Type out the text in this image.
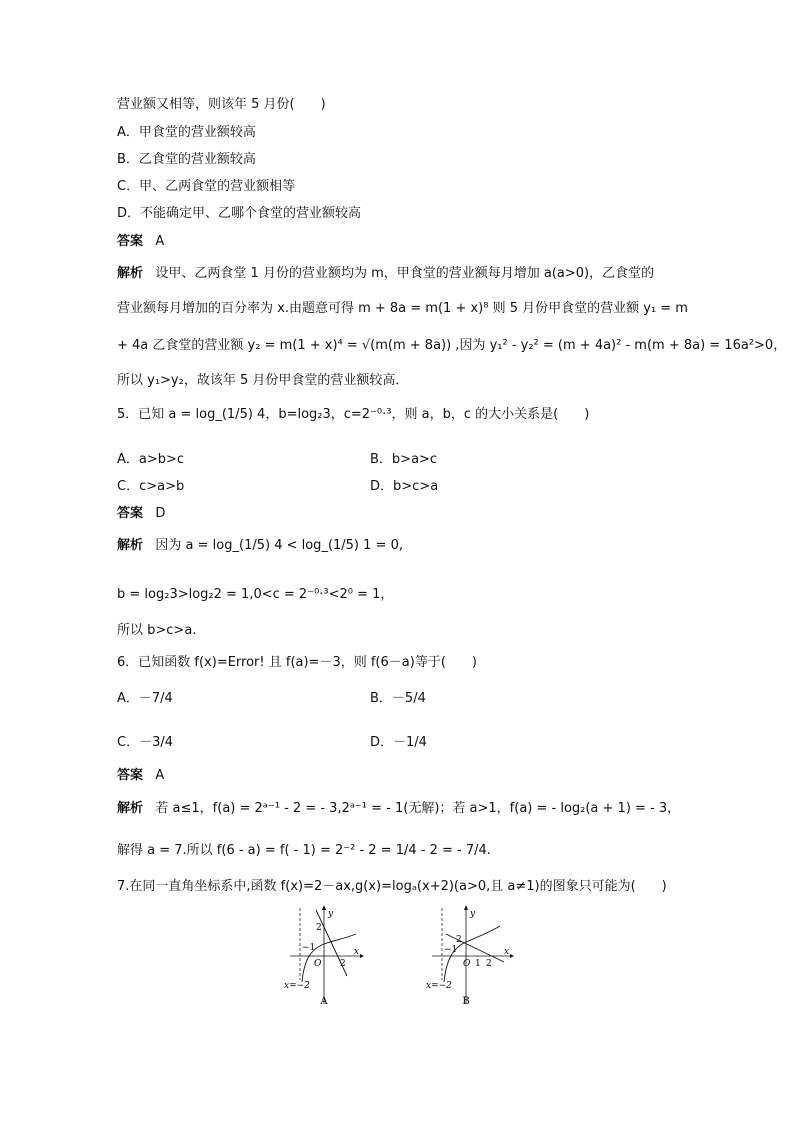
营业额又相等，则该年 5 月份(　　)
A．甲食堂的营业额较高
B．乙食堂的营业额较高
C．甲、乙两食堂的营业额相等
D．不能确定甲、乙哪个食堂的营业额较高
答案 A
解析 设甲、乙两食堂 1 月份的营业额均为 m，甲食堂的营业额每月增加 a(a>0)，乙食堂的
营业额每月增加的百分率为 x.由题意可得 m + 8a = m(1 + x)⁸ 则 5 月份甲食堂的营业额 y₁ = m
+ 4a 乙食堂的营业额 y₂ = m(1 + x)⁴ = √(m(m + 8a)) ,因为 y₁² - y₂² = (m + 4a)² - m(m + 8a) = 16a²>0，
所以 y₁>y₂，故该年 5 月份甲食堂的营业额较高．
5．已知 a = log_(1/5) 4，b=log₂3，c=2⁻⁰·³，则 a，b，c 的大小关系是(　　)
A．a>b>c	B．b>a>c
C．c>a>b	D．b>c>a
答案 D
解析 因为 a = log_(1/5) 4 < log_(1/5) 1 = 0,
b = log₂3>log₂2 = 1,0<c = 2⁻⁰·³<2⁰ = 1，
所以 b>c>a.
6．已知函数 f(x)=Error! 且 f(a)=－3，则 f(6－a)等于(　　)
A．－7/4	B．－5/4
C．－3/4	D．－1/4
答案 A
解析 若 a≤1，f(a) = 2ᵃ⁻¹ - 2 = - 3,2ᵃ⁻¹ = - 1(无解)；若 a>1，f(a) = - log₂(a + 1) = - 3，
解得 a = 7.所以 f(6 - a) = f( - 1) = 2⁻² - 2 = 1/4 - 2 = - 7/4.
7.在同一直角坐标系中,函数 f(x)=2－ax,g(x)=logₐ(x+2)(a>0,且 a≠1)的图象只可能为(　　)
y
x
O
2
2
−1
x=−2
A
y
x
O 1 2
2
−1
x=−2
B
